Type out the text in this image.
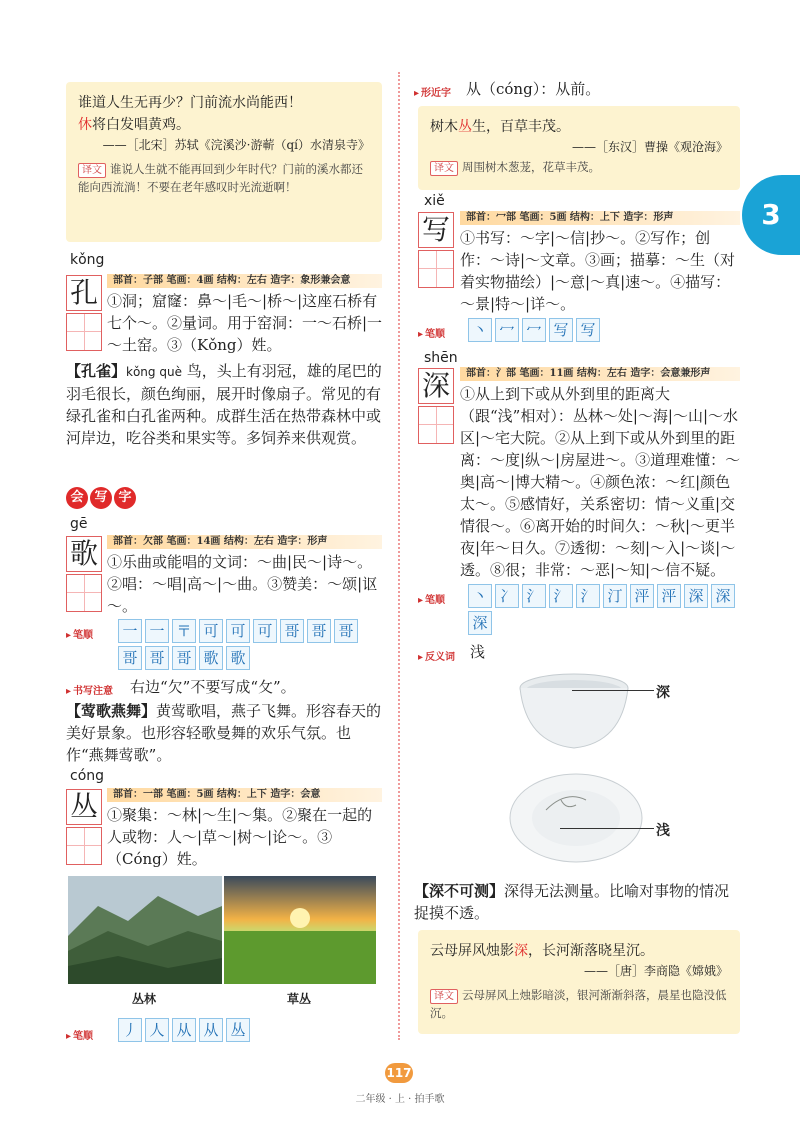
3
谁道人生无再少？门前流水尚能西！
休将白发唱黄鸡。
——［北宋］苏轼《浣溪沙·游蕲（qí）水清泉寺》
译文 谁说人生就不能再回到少年时代？门前的溪水都还能向西流淌！不要在老年感叹时光流逝啊！
kǒng
孔	部首：子部 笔画：4画 结构：左右 造字：象形兼会意
①洞；窟窿：鼻～|毛～|桥～|这座石桥有七个～。②量词。用于窑洞：一～石桥|一～土窑。③（Kǒng）姓。
【孔雀】kǒng què 鸟，头上有羽冠，雄的尾巴的羽毛很长，颜色绚丽，展开时像扇子。常见的有绿孔雀和白孔雀两种。成群生活在热带森林中或河岸边，吃谷类和果实等。多饲养来供观赏。
会 写 字
gē
歌	部首：欠部 笔画：14画 结构：左右 造字：形声
①乐曲或能唱的文词：～曲|民～|诗～。②唱：～唱|高～|～曲。③赞美：～颂|讴～。
▸ 笔顺 一 一 〒 可 可 可 哥 哥 哥
哥 哥 哥 歌 歌
▸ 书写注意 右边“欠”不要写成“攵”。
【莺歌燕舞】黄莺歌唱，燕子飞舞。形容春天的美好景象。也形容轻歌曼舞的欢乐气氛。也作“燕舞莺歌”。
cóng
丛	部首：一部 笔画：5画 结构：上下 造字：会意
①聚集：～林|～生|～集。②聚在一起的人或物：人～|草～|树～|论～。③（Cóng）姓。
丛林	草丛
▸ 笔顺 丿 人 从 从 丛
▸ 形近字 从（cóng）：从前。
树木丛生，百草丰茂。
——［东汉］曹操《观沧海》
译文 周围树木葱茏，花草丰茂。
xiě
写	部首：冖部 笔画：5画 结构：上下 造字：形声
①书写：～字|～信|抄～。②写作；创作：～诗|～文章。③画；描摹：～生（对着实物描绘）|～意|～真|速～。④描写：～景|特～|详～。
▸ 笔顺 丶 冖 冖 写 写
shēn
深	部首：氵部 笔画：11画 结构：左右 造字：会意兼形声
①从上到下或从外到里的距离大（跟“浅”相对）：丛林～处|～海|～山|～水区|～宅大院。②从上到下或从外到里的距离：～度|纵～|房屋进～。③道理难懂：～奥|高～|博大精～。④颜色浓：～红|颜色太～。⑤感情好，关系密切：情～义重|交情很～。⑥离开始的时间久：～秋|～更半夜|年～日久。⑦透彻：～刻|～入|～谈|～透。⑧很；非常：～恶|～知|～信不疑。
▸ 笔顺 丶 冫 氵 氵 氵 汀 泙 泙 深 深
深
▸ 反义词 浅
深
浅
【深不可测】深得无法测量。比喻对事物的情况捉摸不透。
云母屏风烛影深，长河渐落晓星沉。
——［唐］李商隐《嫦娥》
译文 云母屏风上烛影暗淡，银河渐渐斜落，晨星也隐没低沉。
117
二年级 · 上 · 拍手歌
